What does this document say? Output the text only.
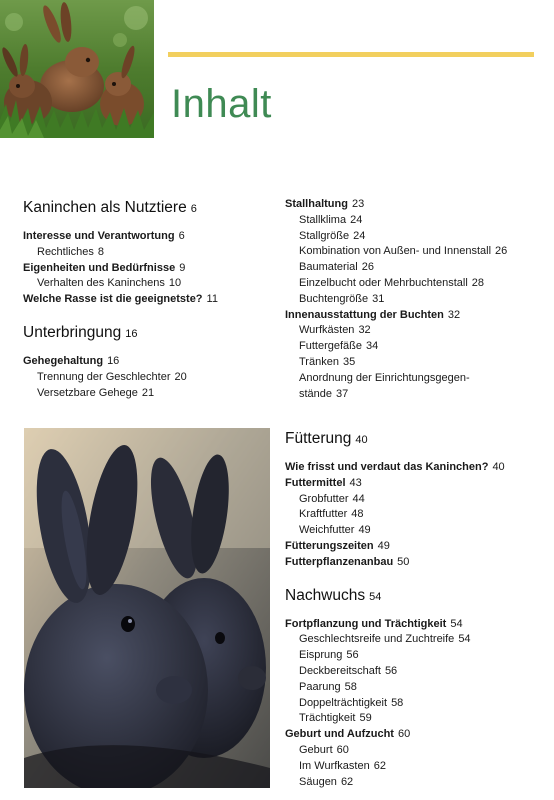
Inhalt
Kaninchen als Nutztiere 6
Interesse und Verantwortung 6
Rechtliches 8
Eigenheiten und Bedürfnisse 9
Verhalten des Kaninchens 10
Welche Rasse ist die geeignetste? 11
Unterbringung 16
Gehegehaltung 16
Trennung der Geschlechter 20
Versetzbare Gehege 21
Stallhaltung 23
Stallklima 24
Stallgröße 24
Kombination von Außen- und Innenstall 26
Baumaterial 26
Einzelbucht oder Mehrbuchtenstall 28
Buchtengröße 31
Innenausstattung der Buchten 32
Wurfkästen 32
Futtergefäße 34
Tränken 35
Anordnung der Einrichtungsgegen-
stände 37
Fütterung 40
Wie frisst und verdaut das Kaninchen? 40
Futtermittel 43
Grobfutter 44
Kraftfutter 48
Weichfutter 49
Fütterungszeiten 49
Futterpflanzenanbau 50
Nachwuchs 54
Fortpflanzung und Trächtigkeit 54
Geschlechtsreife und Zuchtreife 54
Eisprung 56
Deckbereitschaft 56
Paarung 58
Doppelträchtigkeit 58
Trächtigkeit 59
Geburt und Aufzucht 60
Geburt 60
Im Wurfkasten 62
Säugen 62
